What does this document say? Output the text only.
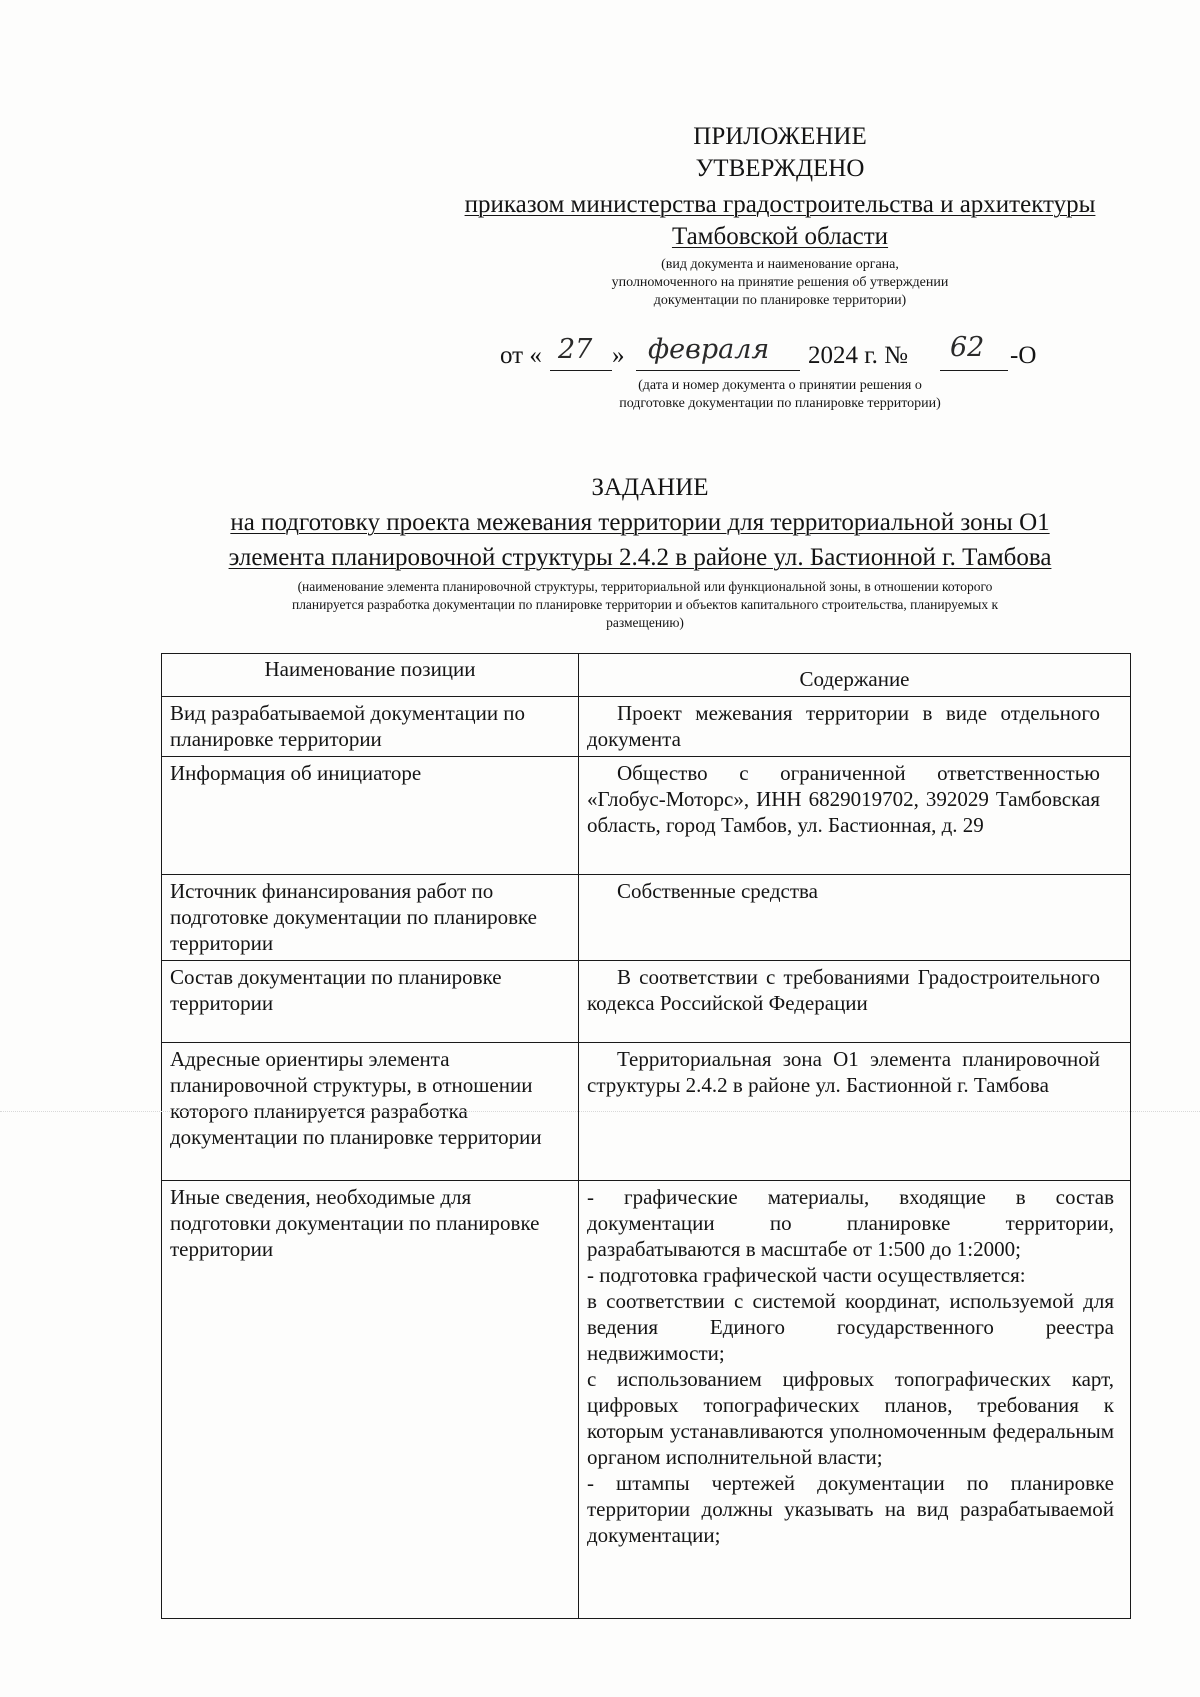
ПРИЛОЖЕНИЕ
УТВЕРЖДЕНО
приказом министерства градостроительства и архитектуры
Тамбовской области
(вид документа и наименование органа,
уполномоченного на принятие решения об утверждении
документации по планировке территории)
от « 27 » февраля 2024 г. № 62 -О
(дата и номер документа о принятии решения о
подготовке документации по планировке территории)
ЗАДАНИЕ
на подготовку проекта межевания территории для территориальной зоны О1
элемента планировочной структуры 2.4.2 в районе ул. Бастионной г. Тамбова
(наименование элемента планировочной структуры, территориальной или функциональной зоны, в отношении которого
планируется разработка документации по планировке территории и объектов капитального строительства, планируемых к
размещению)
Наименование позиции	Содержание
Вид разрабатываемой документации по планировке территории	Проект межевания территории в виде отдельного документа
Информация об инициаторе	Общество с ограниченной ответственностью «Глобус-Моторс», ИНН 6829019702, 392029 Тамбовская область, город Тамбов, ул. Бастионная, д. 29
Источник финансирования работ по подготовке документации по планировке территории	Собственные средства
Состав документации по планировке территории	В соответствии с требованиями Градостроительного кодекса Российской Федерации
Адресные ориентиры элемента планировочной структуры, в отношении которого планируется разработка документации по планировке территории	Территориальная зона О1 элемента планировочной структуры 2.4.2 в районе ул. Бастионной г. Тамбова
Иные сведения, необходимые для подготовки документации по планировке территории	- графические материалы, входящие в состав документации по планировке территории, разрабатываются в масштабе от 1:500 до 1:2000;
- подготовка графической части осуществляется:
в соответствии с системой координат, используемой для ведения Единого государственного реестра недвижимости;
с использованием цифровых топографических карт, цифровых топографических планов, требования к которым устанавливаются уполномоченным федеральным органом исполнительной власти;
- штампы чертежей документации по планировке территории должны указывать на вид разрабатываемой документации;
